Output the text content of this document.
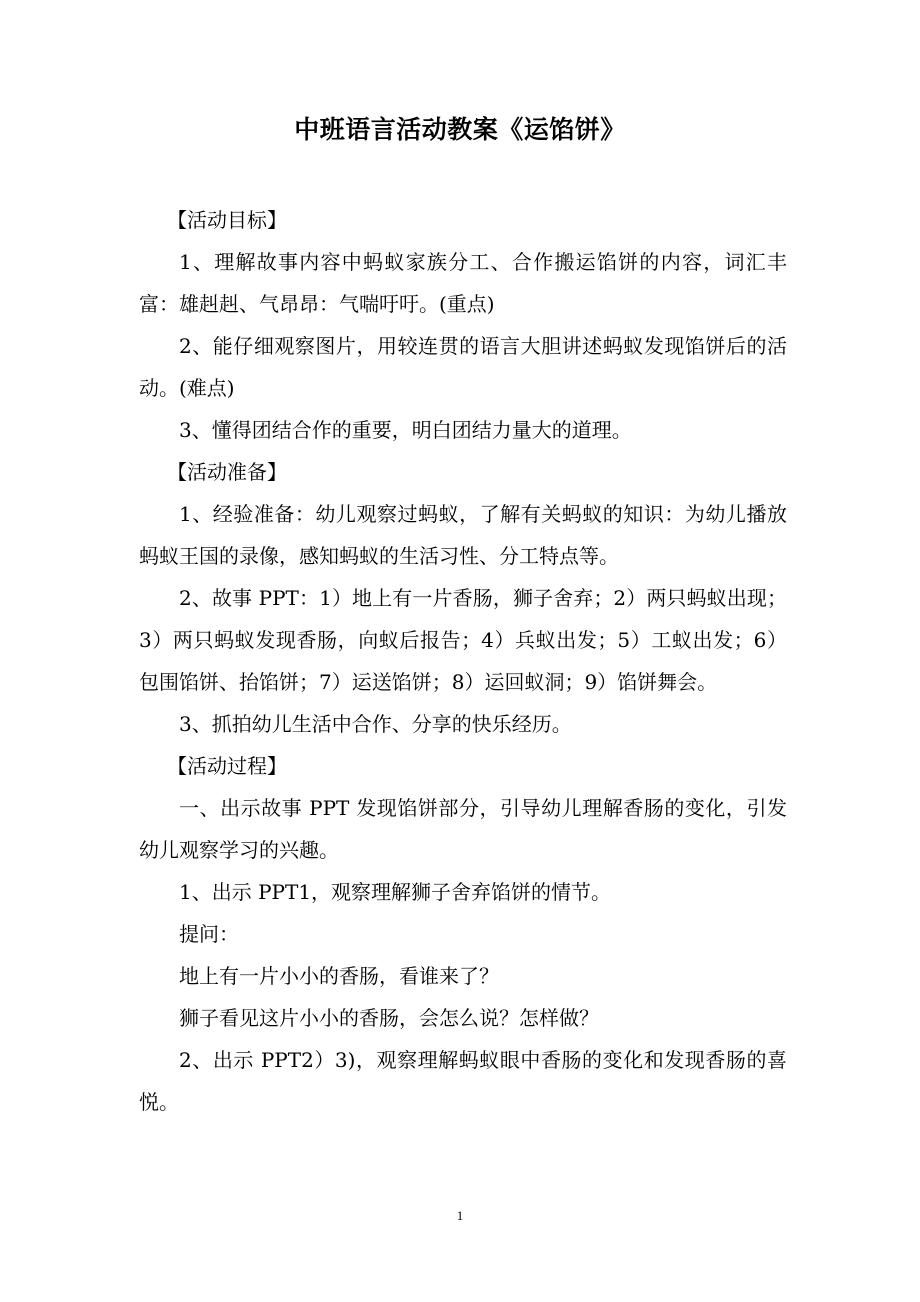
中班语言活动教案《运馅饼》

【活动目标】

1、理解故事内容中蚂蚁家族分工、合作搬运馅饼的内容，词汇丰富：雄赳赳、气昂昂：气喘吁吁。(重点)

2、能仔细观察图片，用较连贯的语言大胆讲述蚂蚁发现馅饼后的活动。(难点)

3、懂得团结合作的重要，明白团结力量大的道理。

【活动准备】

1、经验准备：幼儿观察过蚂蚁，了解有关蚂蚁的知识：为幼儿播放蚂蚁王国的录像，感知蚂蚁的生活习性、分工特点等。

2、故事 PPT：1）地上有一片香肠，狮子舍弃；2）两只蚂蚁出现；3）两只蚂蚁发现香肠，向蚁后报告；4）兵蚁出发；5）工蚁出发；6）包围馅饼、抬馅饼；7）运送馅饼；8）运回蚁洞；9）馅饼舞会。

3、抓拍幼儿生活中合作、分享的快乐经历。

【活动过程】

一、出示故事 PPT 发现馅饼部分，引导幼儿理解香肠的变化，引发幼儿观察学习的兴趣。

1、出示 PPT1，观察理解狮子舍弃馅饼的情节。

提问：

地上有一片小小的香肠，看谁来了？

狮子看见这片小小的香肠，会怎么说？怎样做？

2、出示 PPT2）3)，观察理解蚂蚁眼中香肠的变化和发现香肠的喜悦。

1
